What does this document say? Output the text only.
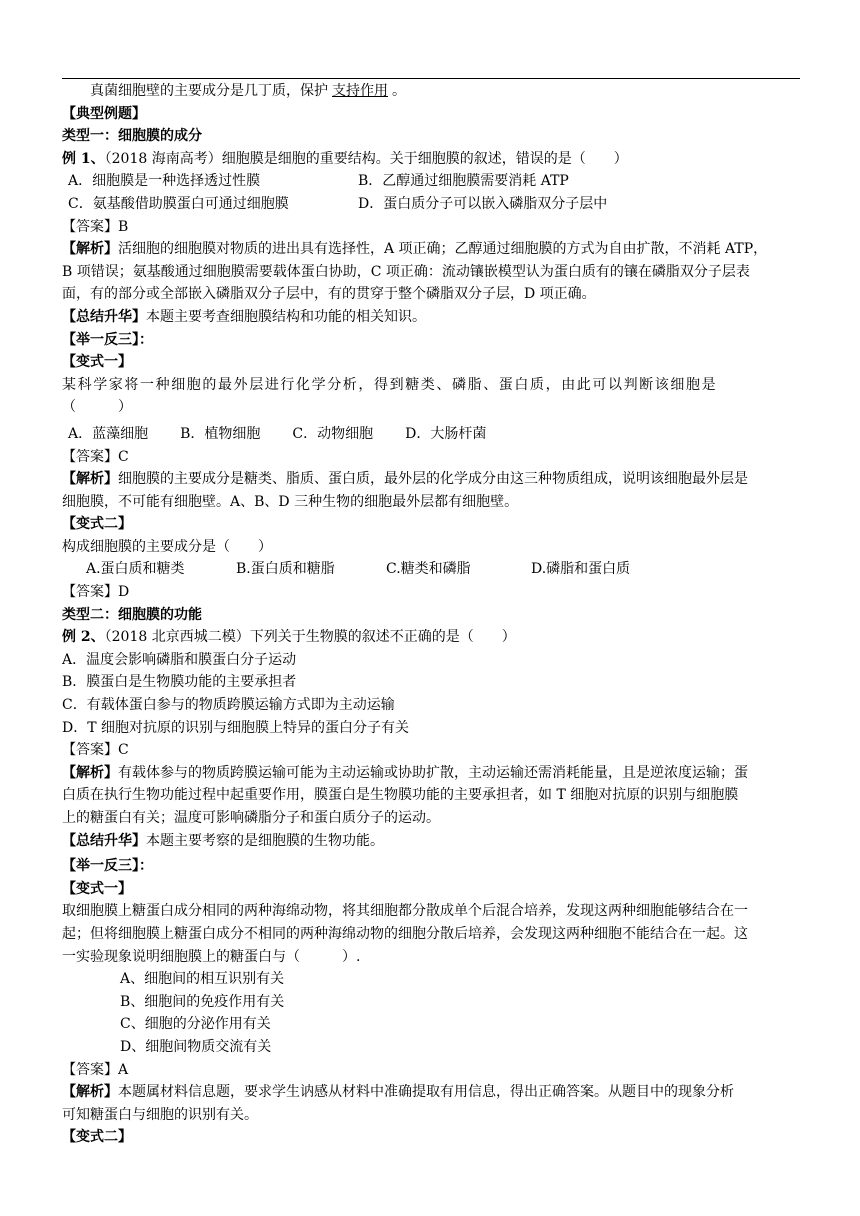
真菌细胞壁的主要成分是几丁质，保护 支持作用 。
【典型例题】
类型一：细胞膜的成分
例 1、（2018 海南高考）细胞膜是细胞的重要结构。关于细胞膜的叙述，错误的是（　　）
A．细胞膜是一种选择透过性膜	B．乙醇通过细胞膜需要消耗 ATP
C．氨基酸借助膜蛋白可通过细胞膜	D．蛋白质分子可以嵌入磷脂双分子层中
【答案】B
【解析】活细胞的细胞膜对物质的进出具有选择性，A 项正确；乙醇通过细胞膜的方式为自由扩散，不消耗 ATP，
B 项错误；氨基酸通过细胞膜需要载体蛋白协助，C 项正确：流动镶嵌模型认为蛋白质有的镶在磷脂双分子层表
面，有的部分或全部嵌入磷脂双分子层中，有的贯穿于整个磷脂双分子层，D 项正确。
【总结升华】本题主要考查细胞膜结构和功能的相关知识。
【举一反三】：
【变式一】
某科学家将一种细胞的最外层进行化学分析，得到糖类、磷脂、蛋白质，由此可以判断该细胞是
（　　　）
A．蓝藻细胞 B．植物细胞 C．动物细胞 D．大肠杆菌
【答案】C
【解析】细胞膜的主要成分是糖类、脂质、蛋白质，最外层的化学成分由这三种物质组成，说明该细胞最外层是
细胞膜，不可能有细胞壁。A、B、D 三种生物的细胞最外层都有细胞壁。
【变式二】
构成细胞膜的主要成分是（　　）
A.蛋白质和糖类	B.蛋白质和糖脂	C.糖类和磷脂	D.磷脂和蛋白质
【答案】D
类型二：细胞膜的功能
例 2、（2018 北京西城二模）下列关于生物膜的叙述不正确的是（　　）
A．温度会影响磷脂和膜蛋白分子运动
B．膜蛋白是生物膜功能的主要承担者
C．有载体蛋白参与的物质跨膜运输方式即为主动运输
D．T 细胞对抗原的识别与细胞膜上特异的蛋白分子有关
【答案】C
【解析】有载体参与的物质跨膜运输可能为主动运输或协助扩散，主动运输还需消耗能量，且是逆浓度运输；蛋
白质在执行生物功能过程中起重要作用，膜蛋白是生物膜功能的主要承担者，如 T 细胞对抗原的识别与细胞膜
上的糖蛋白有关；温度可影响磷脂分子和蛋白质分子的运动。
【总结升华】本题主要考察的是细胞膜的生物功能。
【举一反三】：
【变式一】
取细胞膜上糖蛋白成分相同的两种海绵动物，将其细胞都分散成单个后混合培养，发现这两种细胞能够结合在一
起；但将细胞膜上糖蛋白成分不相同的两种海绵动物的细胞分散后培养，会发现这两种细胞不能结合在一起。这
一实验现象说明细胞膜上的糖蛋白与（　　　）.
A、细胞间的相互识别有关
B、细胞间的免疫作用有关
C、细胞的分泌作用有关
D、细胞间物质交流有关
【答案】A
【解析】本题属材料信息题，要求学生讷感从材料中准确提取有用信息，得出正确答案。从题目中的现象分析
可知糖蛋白与细胞的识别有关。
【变式二】
